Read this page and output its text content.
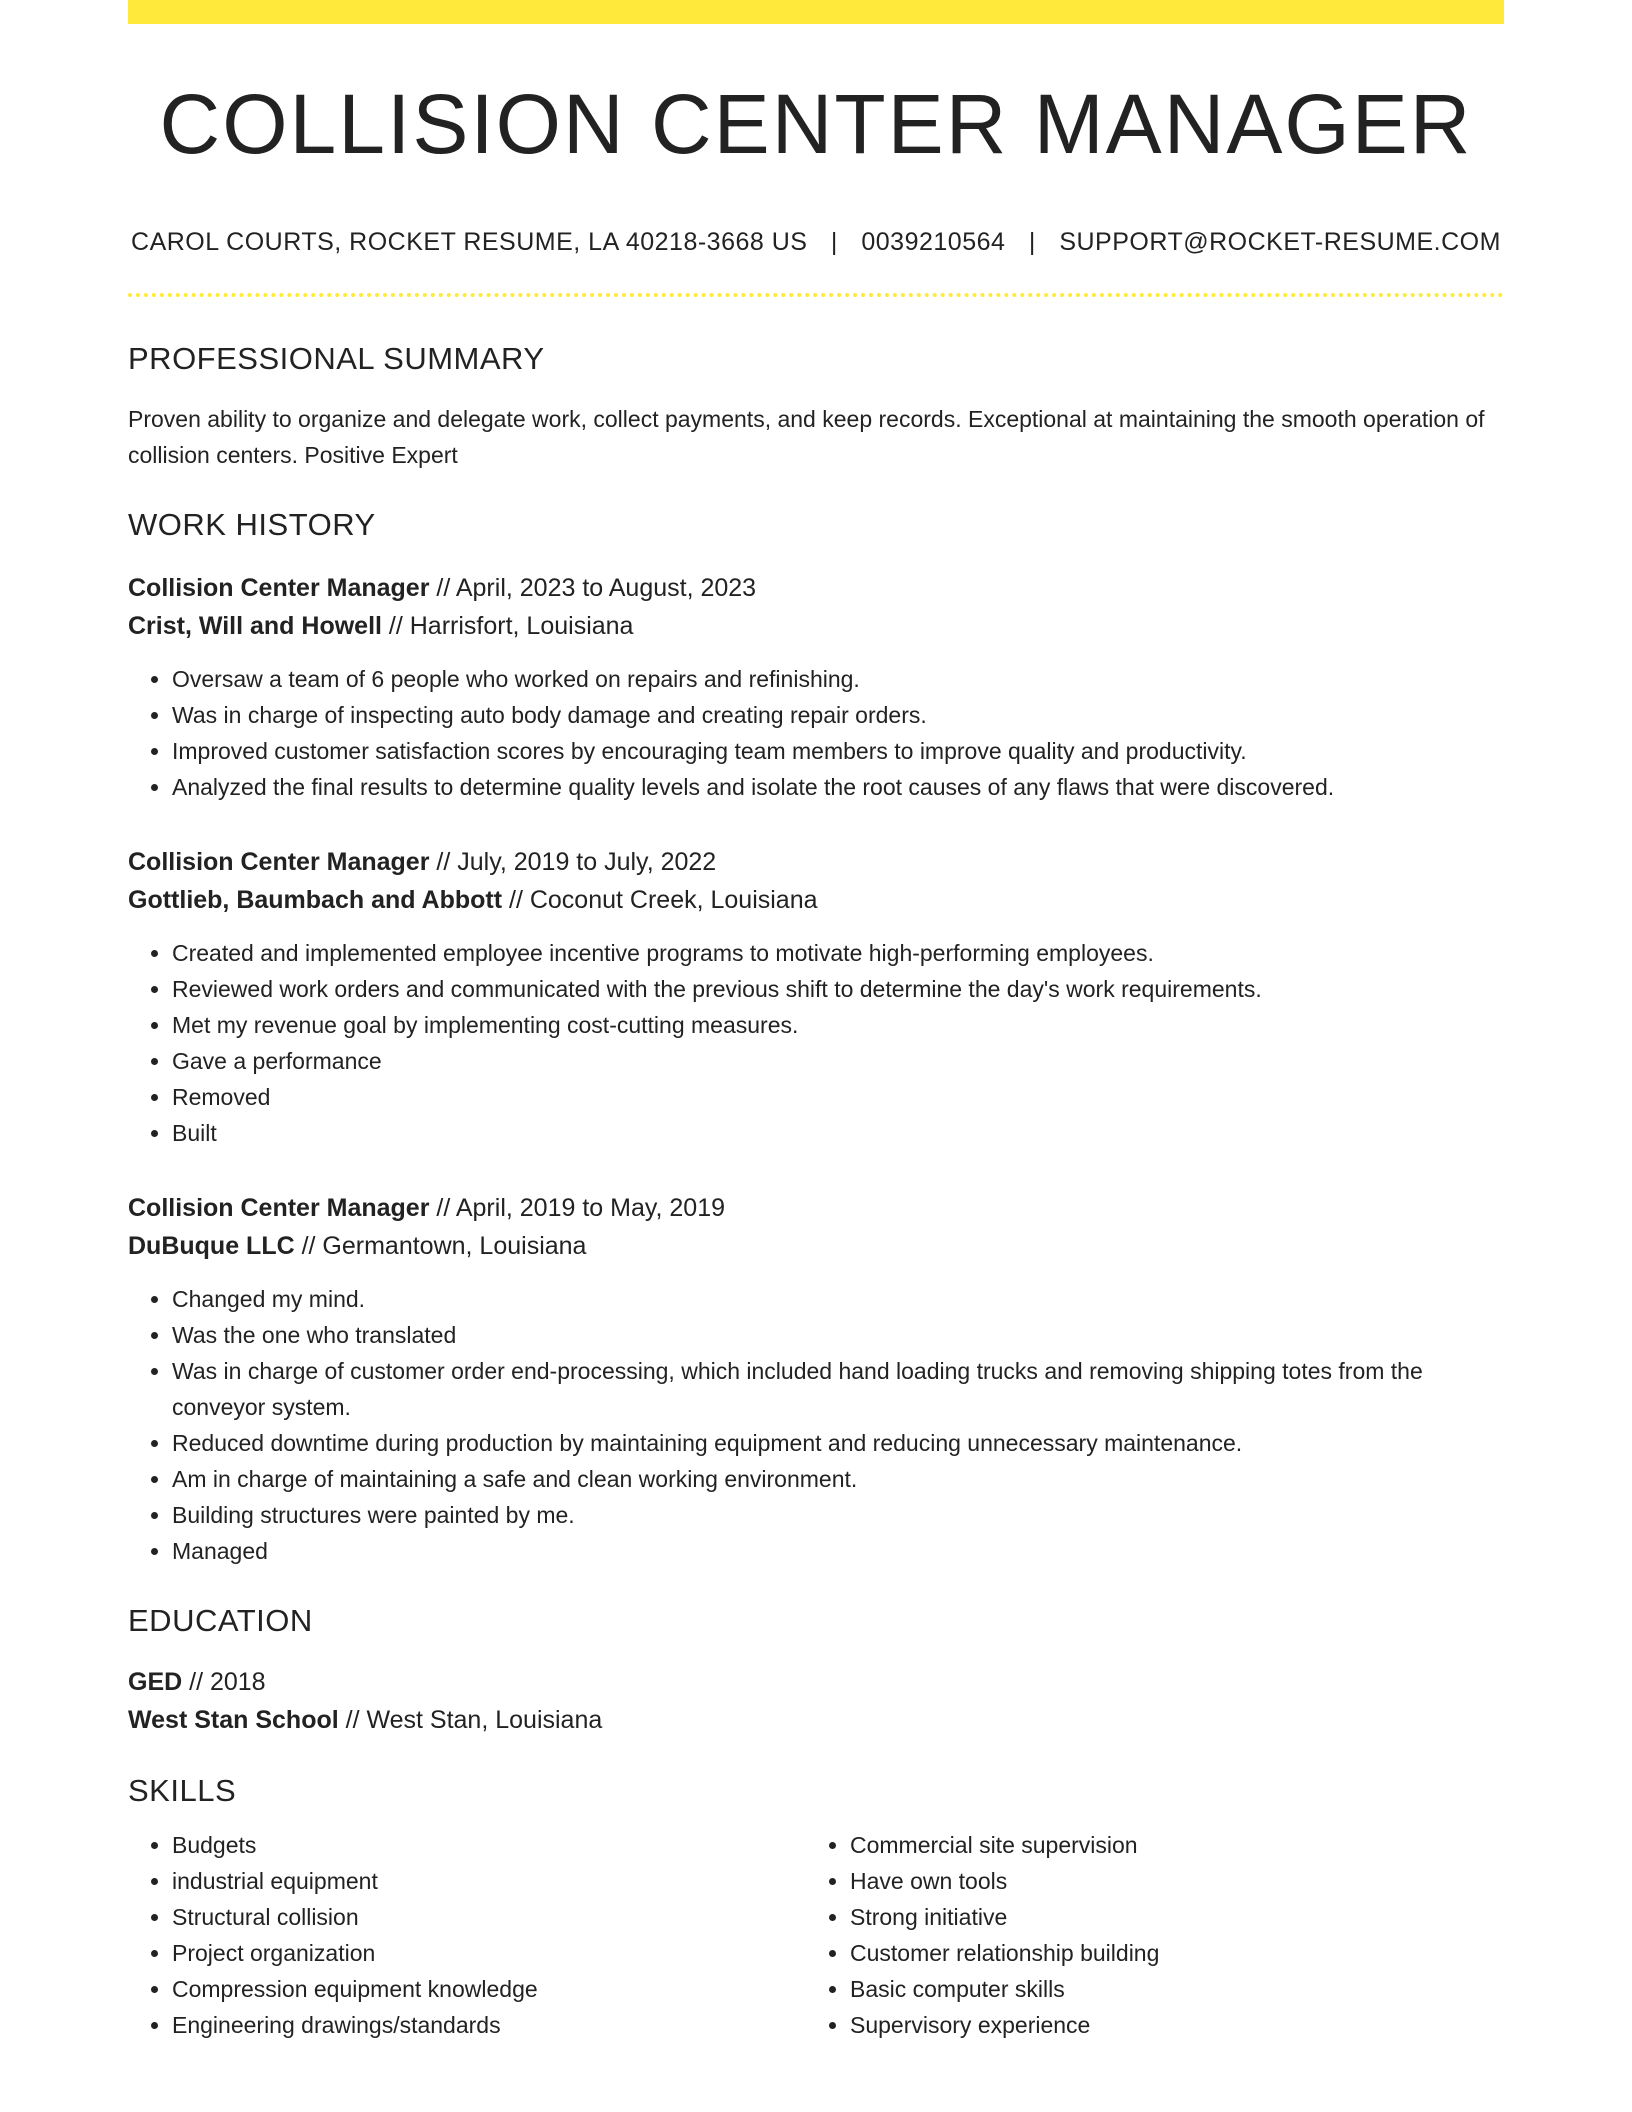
COLLISION CENTER MANAGER
CAROL COURTS, ROCKET RESUME, LA 40218-3668 US | 0039210564 | SUPPORT@ROCKET-RESUME.COM
PROFESSIONAL SUMMARY
Proven ability to organize and delegate work, collect payments, and keep records. Exceptional at maintaining the smooth operation of collision centers. Positive Expert
WORK HISTORY
Collision Center Manager // April, 2023 to August, 2023
Crist, Will and Howell // Harrisfort, Louisiana
• Oversaw a team of 6 people who worked on repairs and refinishing.
• Was in charge of inspecting auto body damage and creating repair orders.
• Improved customer satisfaction scores by encouraging team members to improve quality and productivity.
• Analyzed the final results to determine quality levels and isolate the root causes of any flaws that were discovered.
Collision Center Manager // July, 2019 to July, 2022
Gottlieb, Baumbach and Abbott // Coconut Creek, Louisiana
• Created and implemented employee incentive programs to motivate high-performing employees.
• Reviewed work orders and communicated with the previous shift to determine the day's work requirements.
• Met my revenue goal by implementing cost-cutting measures.
• Gave a performance
• Removed
• Built
Collision Center Manager // April, 2019 to May, 2019
DuBuque LLC // Germantown, Louisiana
• Changed my mind.
• Was the one who translated
• Was in charge of customer order end-processing, which included hand loading trucks and removing shipping totes from the conveyor system.
• Reduced downtime during production by maintaining equipment and reducing unnecessary maintenance.
• Am in charge of maintaining a safe and clean working environment.
• Building structures were painted by me.
• Managed
EDUCATION
GED // 2018
West Stan School // West Stan, Louisiana
SKILLS
• Budgets
• industrial equipment
• Structural collision
• Project organization
• Compression equipment knowledge
• Engineering drawings/standards
• Commercial site supervision
• Have own tools
• Strong initiative
• Customer relationship building
• Basic computer skills
• Supervisory experience
